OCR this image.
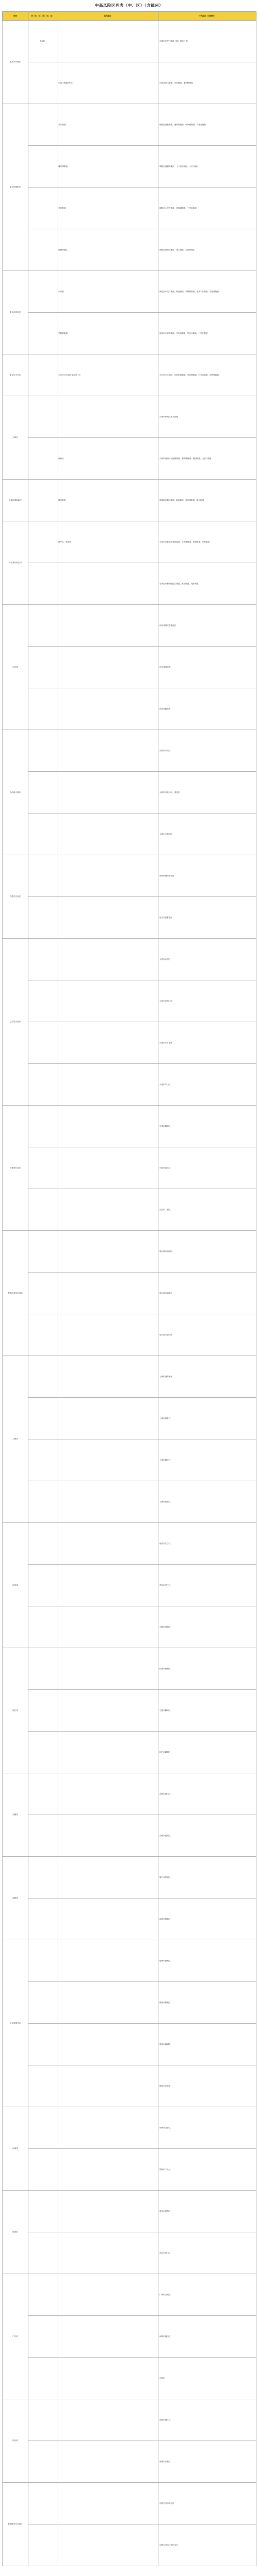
中高风险区列表（中、区）（含德州）
省份	省（市、区）/县（市、区）	高风险区	中风险区（含德州）
北京市东城区	东城区		东城区东华门街道（除上述地区外）
		东直门街道5号院	东城区景山街道、东四街道、北新桥街道
北京市朝阳区		双井街道	朝阳区劲松街道、潘家园街道、呼家楼街道、六里屯街道
		潘家园街道	朝阳区南磨房地区、十八里店地区、小红门地区
		劲松街道	朝阳区八里庄街道、团结湖街道、三里屯街道
		南磨房地区	朝阳区高碑店地区、垡头街道、王四营地区
北京市海淀区		东升镇	海淀区中关村街道、海淀街道、学院路街道、北太平庄街道、花园路街道
		学院路街道	海淀区万寿路街道、羊坊店街道、甘家口街道、八里庄街道
北京市丰台区		丰台区方庄地区芳古园一区	丰台区方庄地区、东铁匠营街道、马家堡街道、右安门街道、西罗园街道
天津市			天津市津南区咸水沽镇
		河西区	天津市河西区友谊路街道、越秀路街道、桃园街道、大营门街道
天津市滨海新区		塘沽街道	滨海新区塘沽街道、新港街道、杭州道街道、新河街道
河北省石家庄市		新华区、桥西区	石家庄市新华区革新街道、合作路街道、西苑街道、东焦街道
			石家庄市桥西区振头街道、留营街道、苑东街道
河北省			河北省保定市莲池区
			河北省邢台市
			河北省廊坊市
山西省太原市			太原市小店区
			太原市杏花岭区、迎泽区
			太原市万柏林区
内蒙古自治区			呼和浩特市新城区
			包头市昆都仑区
辽宁省大连市			大连市金州区
			大连市沙河口区
			大连市甘井子区
			大连市中山区
吉林省长春市			长春市朝阳区
			长春市南关区
			长春市二道区
黑龙江省哈尔滨市			哈尔滨市南岗区
			哈尔滨市道里区
			哈尔滨市香坊区
上海市			上海市浦东新区
			上海市徐汇区
			上海市静安区
			上海市闵行区
江苏省			南京市江宁区
			苏州市吴中区
			无锡市滨湖区
浙江省			杭州市西湖区
			宁波市鄞州区
			绍兴市越城区
安徽省			合肥市蜀山区
			合肥市包河区
福建省			厦门市思明区
			福州市鼓楼区
山东省德州市			德州市德城区
			德州市陵城区
			德州市禹城市
			德州市乐陵市
河南省			郑州市金水区
			郑州市二七区
湖北省			武汉市武昌区
			武汉市洪山区
广东省			广州市天河区
			深圳市福田区
			东莞市
四川省			成都市锦江区
			成都市武侯区
新疆维吾尔自治区			乌鲁木齐市天山区
			乌鲁木齐市沙依巴克区
